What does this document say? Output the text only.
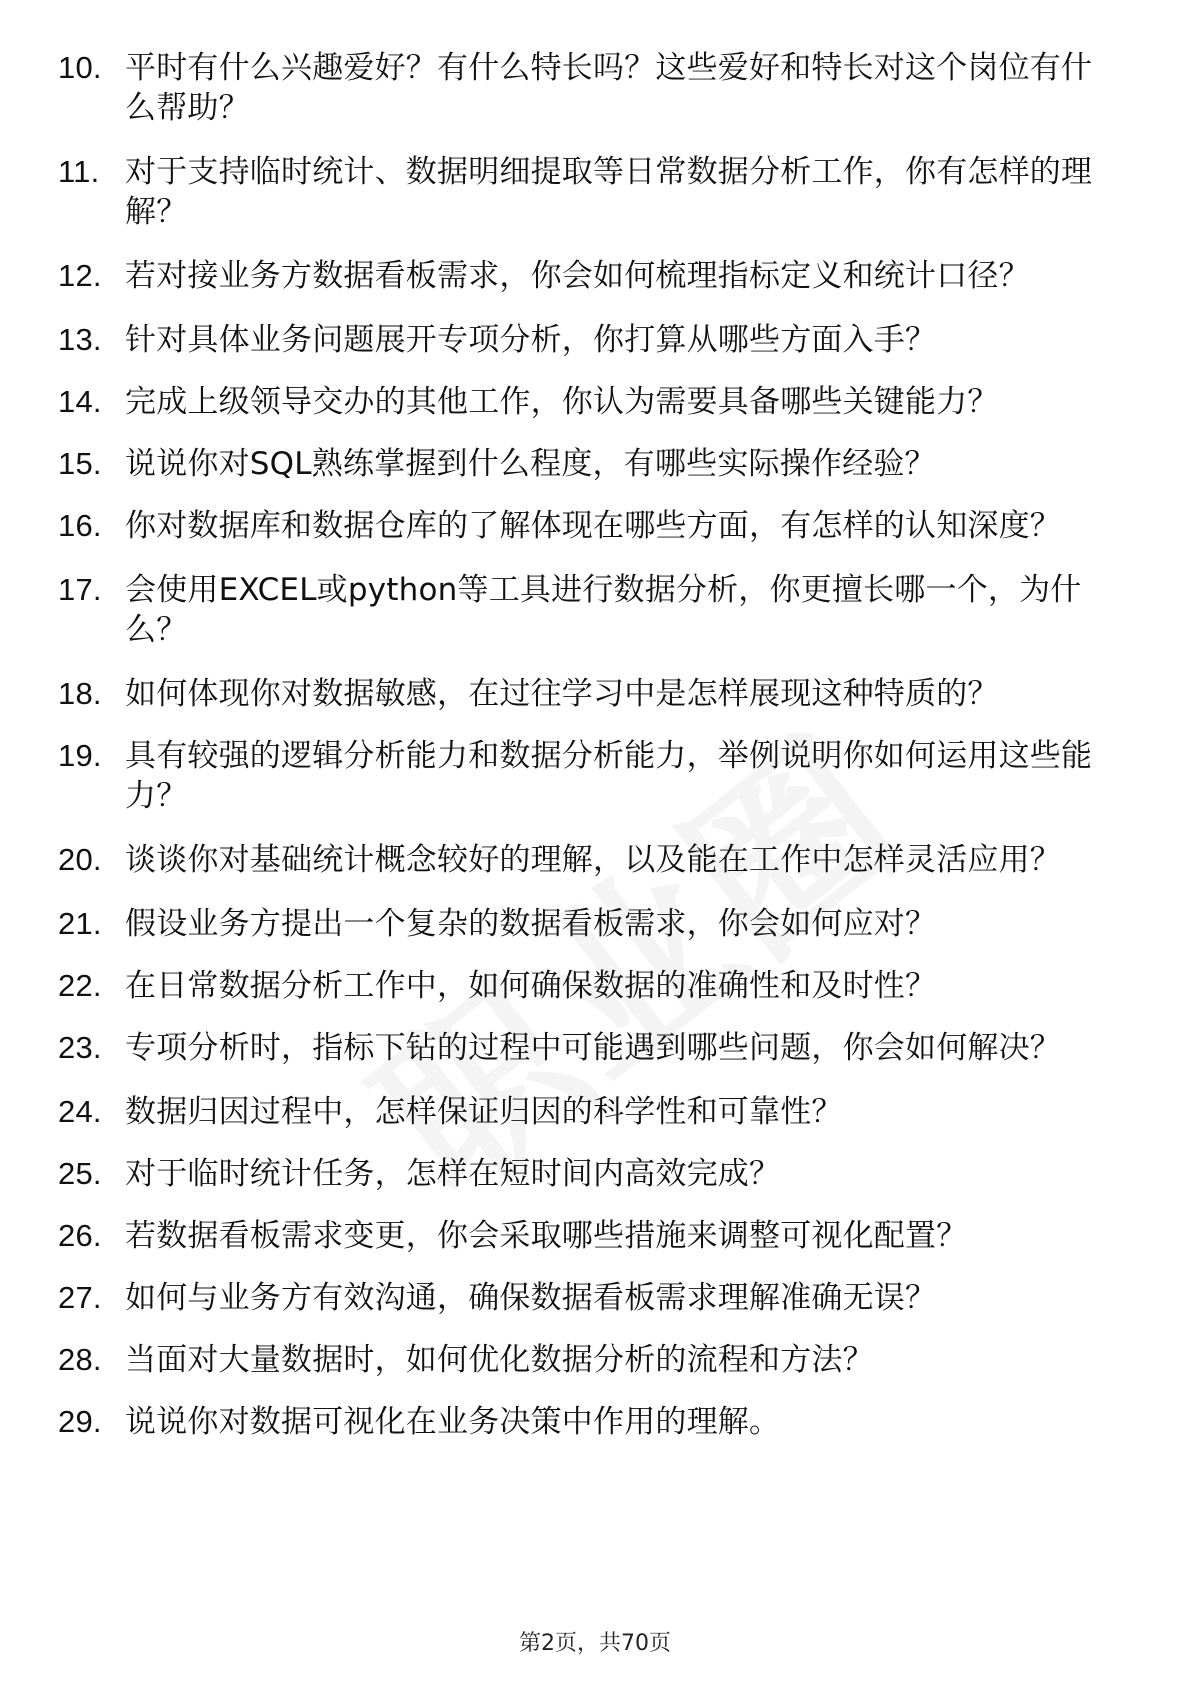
10. 平时有什么兴趣爱好？有什么特长吗？这些爱好和特长对这个岗位有什么帮助？
11. 对于支持临时统计、数据明细提取等日常数据分析工作，你有怎样的理解？
12. 若对接业务方数据看板需求，你会如何梳理指标定义和统计口径？
13. 针对具体业务问题展开专项分析，你打算从哪些方面入手？
14. 完成上级领导交办的其他工作，你认为需要具备哪些关键能力？
15. 说说你对SQL熟练掌握到什么程度，有哪些实际操作经验？
16. 你对数据库和数据仓库的了解体现在哪些方面，有怎样的认知深度？
17. 会使用EXCEL或python等工具进行数据分析，你更擅长哪一个，为什么？
18. 如何体现你对数据敏感，在过往学习中是怎样展现这种特质的？
19. 具有较强的逻辑分析能力和数据分析能力，举例说明你如何运用这些能力？
20. 谈谈你对基础统计概念较好的理解，以及能在工作中怎样灵活应用？
21. 假设业务方提出一个复杂的数据看板需求，你会如何应对？
22. 在日常数据分析工作中，如何确保数据的准确性和及时性？
23. 专项分析时，指标下钻的过程中可能遇到哪些问题，你会如何解决？
24. 数据归因过程中，怎样保证归因的科学性和可靠性？
25. 对于临时统计任务，怎样在短时间内高效完成？
26. 若数据看板需求变更，你会采取哪些措施来调整可视化配置？
27. 如何与业务方有效沟通，确保数据看板需求理解准确无误？
28. 当面对大量数据时，如何优化数据分析的流程和方法？
29. 说说你对数据可视化在业务决策中作用的理解。
第2页，共70页
